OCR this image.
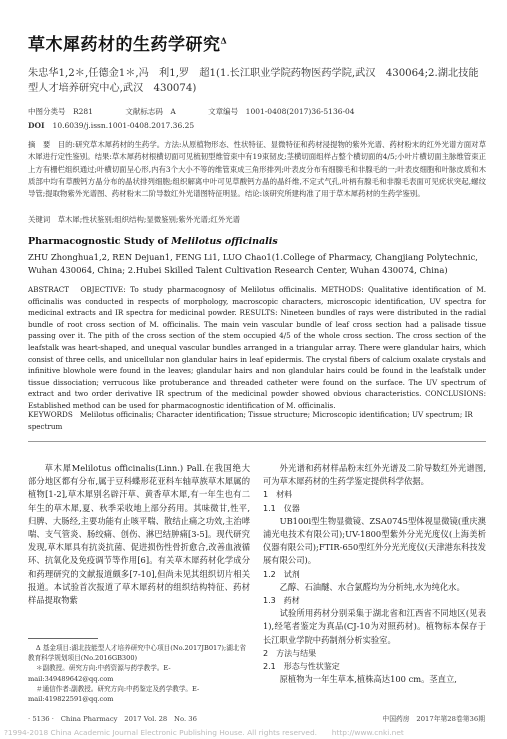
草木犀药材的生药学研究$^\Delta$
朱忠华1,2＊,任德金1＊,冯　利1,罗　超1(1.长江职业学院药物医药学院,武汉　430064;2.湖北技能型人才培养研究中心,武汉　430074)
中图分类号　R281	文献标志码　A	文章编号　1001-0408(2017)36-5136-04
DOI 10.6039/j.issn.1001-0408.2017.36.25
摘　要　目的:研究草木犀药材的生药学。方法:从原植物形态、性状特征、显微特征和药材浸提物的紫外光谱、药材粉末的红外光谱方面对草木犀进行定性鉴别。结果:草木犀药材根横切面可见梳韧型维管束中有19束韧皮;茎横切面组样占整个横切面的4/5;小叶片横切面主脉维管束正上方有栅栏组织通过;叶横切面呈心形,内有3个大小不等的维管束成三角形排列;叶表皮分布有细腺毛和非腺毛的一;叶表皮细胞和叶脉皮质和木质部中均有草酸钙方晶分布的晶状排列细胞;组织解离中叶可见草酸钙方晶的晶纤维,不定式气孔,叶柄有腺毛和非腺毛表面可见疣状突起,螺纹导管;提取物紫外光谱图、药材粉末二阶导数红外光谱图特征明显。结论:该研究所建构准了用于草木犀药材的生药学鉴别。
关键词　草木犀;性状鉴别;组织结构;显微鉴别;紫外光谱;红外光谱
Pharmacognostic Study of Melilotus officinalis
ZHU Zhonghua1,2, REN Dejuan1, FENG Li1, LUO Chao1(1.College of Pharmacy, Changjiang Polytechnic, Wuhan 430064, China; 2.Hubei Skilled Talent Cultivation Research Center, Wuhan 430074, China)
ABSTRACT　OBJECTIVE: To study pharmacognosy of Melilotus officinalis. METHODS: Qualitative identification of M. officinalis was conducted in respects of morphology, macroscopic characters, microscopic identification, UV spectra for medicinal extracts and IR spectra for medicinal powder. RESULTS: Nineteen bundles of rays were distributed in the radial bundle of root cross section of M. officinalis. The main vein vascular bundle of leaf cross section had a palisade tissue passing over it. The pith of the cross section of the stem occupied 4/5 of the whole cross section. The cross section of the leafstalk was heart-shaped, and unequal vascular bundles arranged in a triangular array. There were glandular hairs, which consist of three cells, and unicellular non glandular hairs in leaf epidermis. The crystal fibers of calcium oxalate crystals and infinitive blowhole were found in the leaves; glandular hairs and non glandular hairs could be found in the leafstalk under tissue dissociation; verrucous like protuberance and threaded catheter were found on the surface. The UV spectrum of extract and two order derivative IR spectrum of the medicinal powder showed obvious characteristics. CONCLUSIONS: Established method can be used for pharmacognostic identification of M. officinalis.
KEYWORDS　Melilotus officinalis; Character identification; Tissue structure; Microscopic identification; UV spectrum; IR spectrum

草木犀Melilotus officinalis(Linn.) Pall.在我国绝大部分地区都有分布,属于豆科蝶形花亚科车轴草族草木犀属的植物[1-2],草木犀别名辟汗草、黄香草木犀,有一年生也有二年生的草木犀,夏、秋季采收地上部分药用。其味微甘,性平,归脾、大肠经,主要功能有止咳平喘、散结止痛之功效,主治哮喘、支气管炎、肠绞痛、创伤、淋巴结肿痛[3-5]。现代研究发现,草木犀具有抗炎抗菌、促进损伤性骨折愈合,改善血液循环、抗氧化及免疫调节等作用[6]。有关草木犀药材化学成分和药理研究的文献报道颇多[7-10],但尚未见其组织切片相关报道。本试验首次报道了草木犀药材的组织结构特征、药材样品提取物紫

Δ 基金项目:湖北技能型人才培养研究中心项目(No.2017JB017);湖北省教育科学规划项目(No.2016GB300)

＊副教授。研究方向:中药资源与药学教学。E-mail:349489642@qq.com

＃通信作者:副教授。研究方向:中药鉴定及药学教学。E-mail:419822591@qq.com

外光谱和药材样品粉末红外光谱及二阶导数红外光谱图,可为草木犀药材的生药学鉴定提供科学依据。

1　材料

1.1　仪器

UB100i型生物显微镜、ZSA0745型体视显微镜(重庆澳浦光电技术有限公司);UV-1800型紫外分光光度仪(上海美析仪器有限公司);FTIR-650型红外分光光度仪(天津港东科技发展有限公司)。

1.2　试剂

乙醇、石油醚、水合氯醛均为分析纯,水为纯化水。

1.3　药材

试验所用药材分别采集于湖北省和江西省不同地区(见表1),经笔者鉴定为真品(CJ-10为对照药材)。植物标本保存于长江职业学院中药制剂分析实验室。

2　方法与结果

2.1　形态与性状鉴定

原植物为一年生草本,植株高达100 cm。茎直立,

· 5136 ·　China Pharmacy　2017 Vol. 28　No. 36	中国药房　2017年第28卷第36期
?1994-2018 China Academic Journal Electronic Publishing House. All rights reserved.　　http://www.cnki.net
